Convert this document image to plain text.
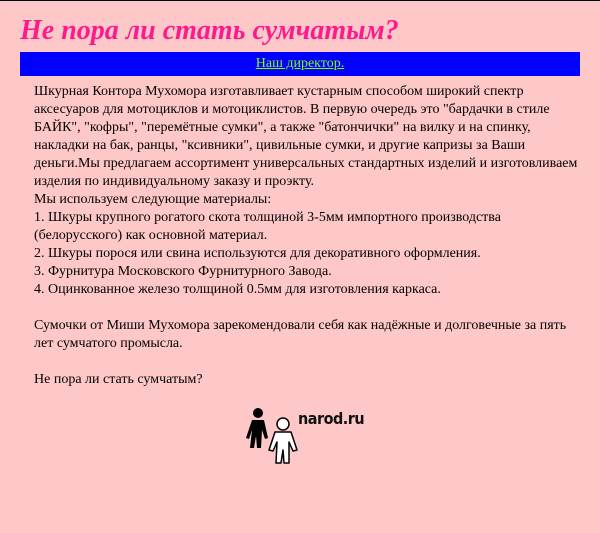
Не пора ли стать сумчатым?
Наш директор.

Шкурная Контора Мухомора изготавливает кустарным способом широкий спектр аксесуаров для мотоциклов и мотоциклистов. В первую очередь это "бардачки в стиле БАЙК", "кофры", "перемётные сумки", а также "батончички" на вилку и на спинку, накладки на бак, ранцы, "ксивники", цивильные сумки, и другие капризы за Ваши деньги.Мы предлагаем ассортимент универсальных стандартных изделий и изготовливаем изделия по индивидуальному заказу и проэкту.

Мы используем следующие материалы:

1. Шкуры крупного рогатого скота толщиной 3-5мм импортного производства (белорусского) как основной материал.

2. Шкуры порося или свина используются для декоративного оформления.

3. Фурнитура Московского Фурнитурного Завода.

4. Оцинкованное железо толщиной 0.5мм для изготовления каркаса.

Сумочки от Миши Мухомора зарекомендовали себя как надёжные и долговечные за пять лет сумчатого промысла.

Не пора ли стать сумчатым?

narod.ru
